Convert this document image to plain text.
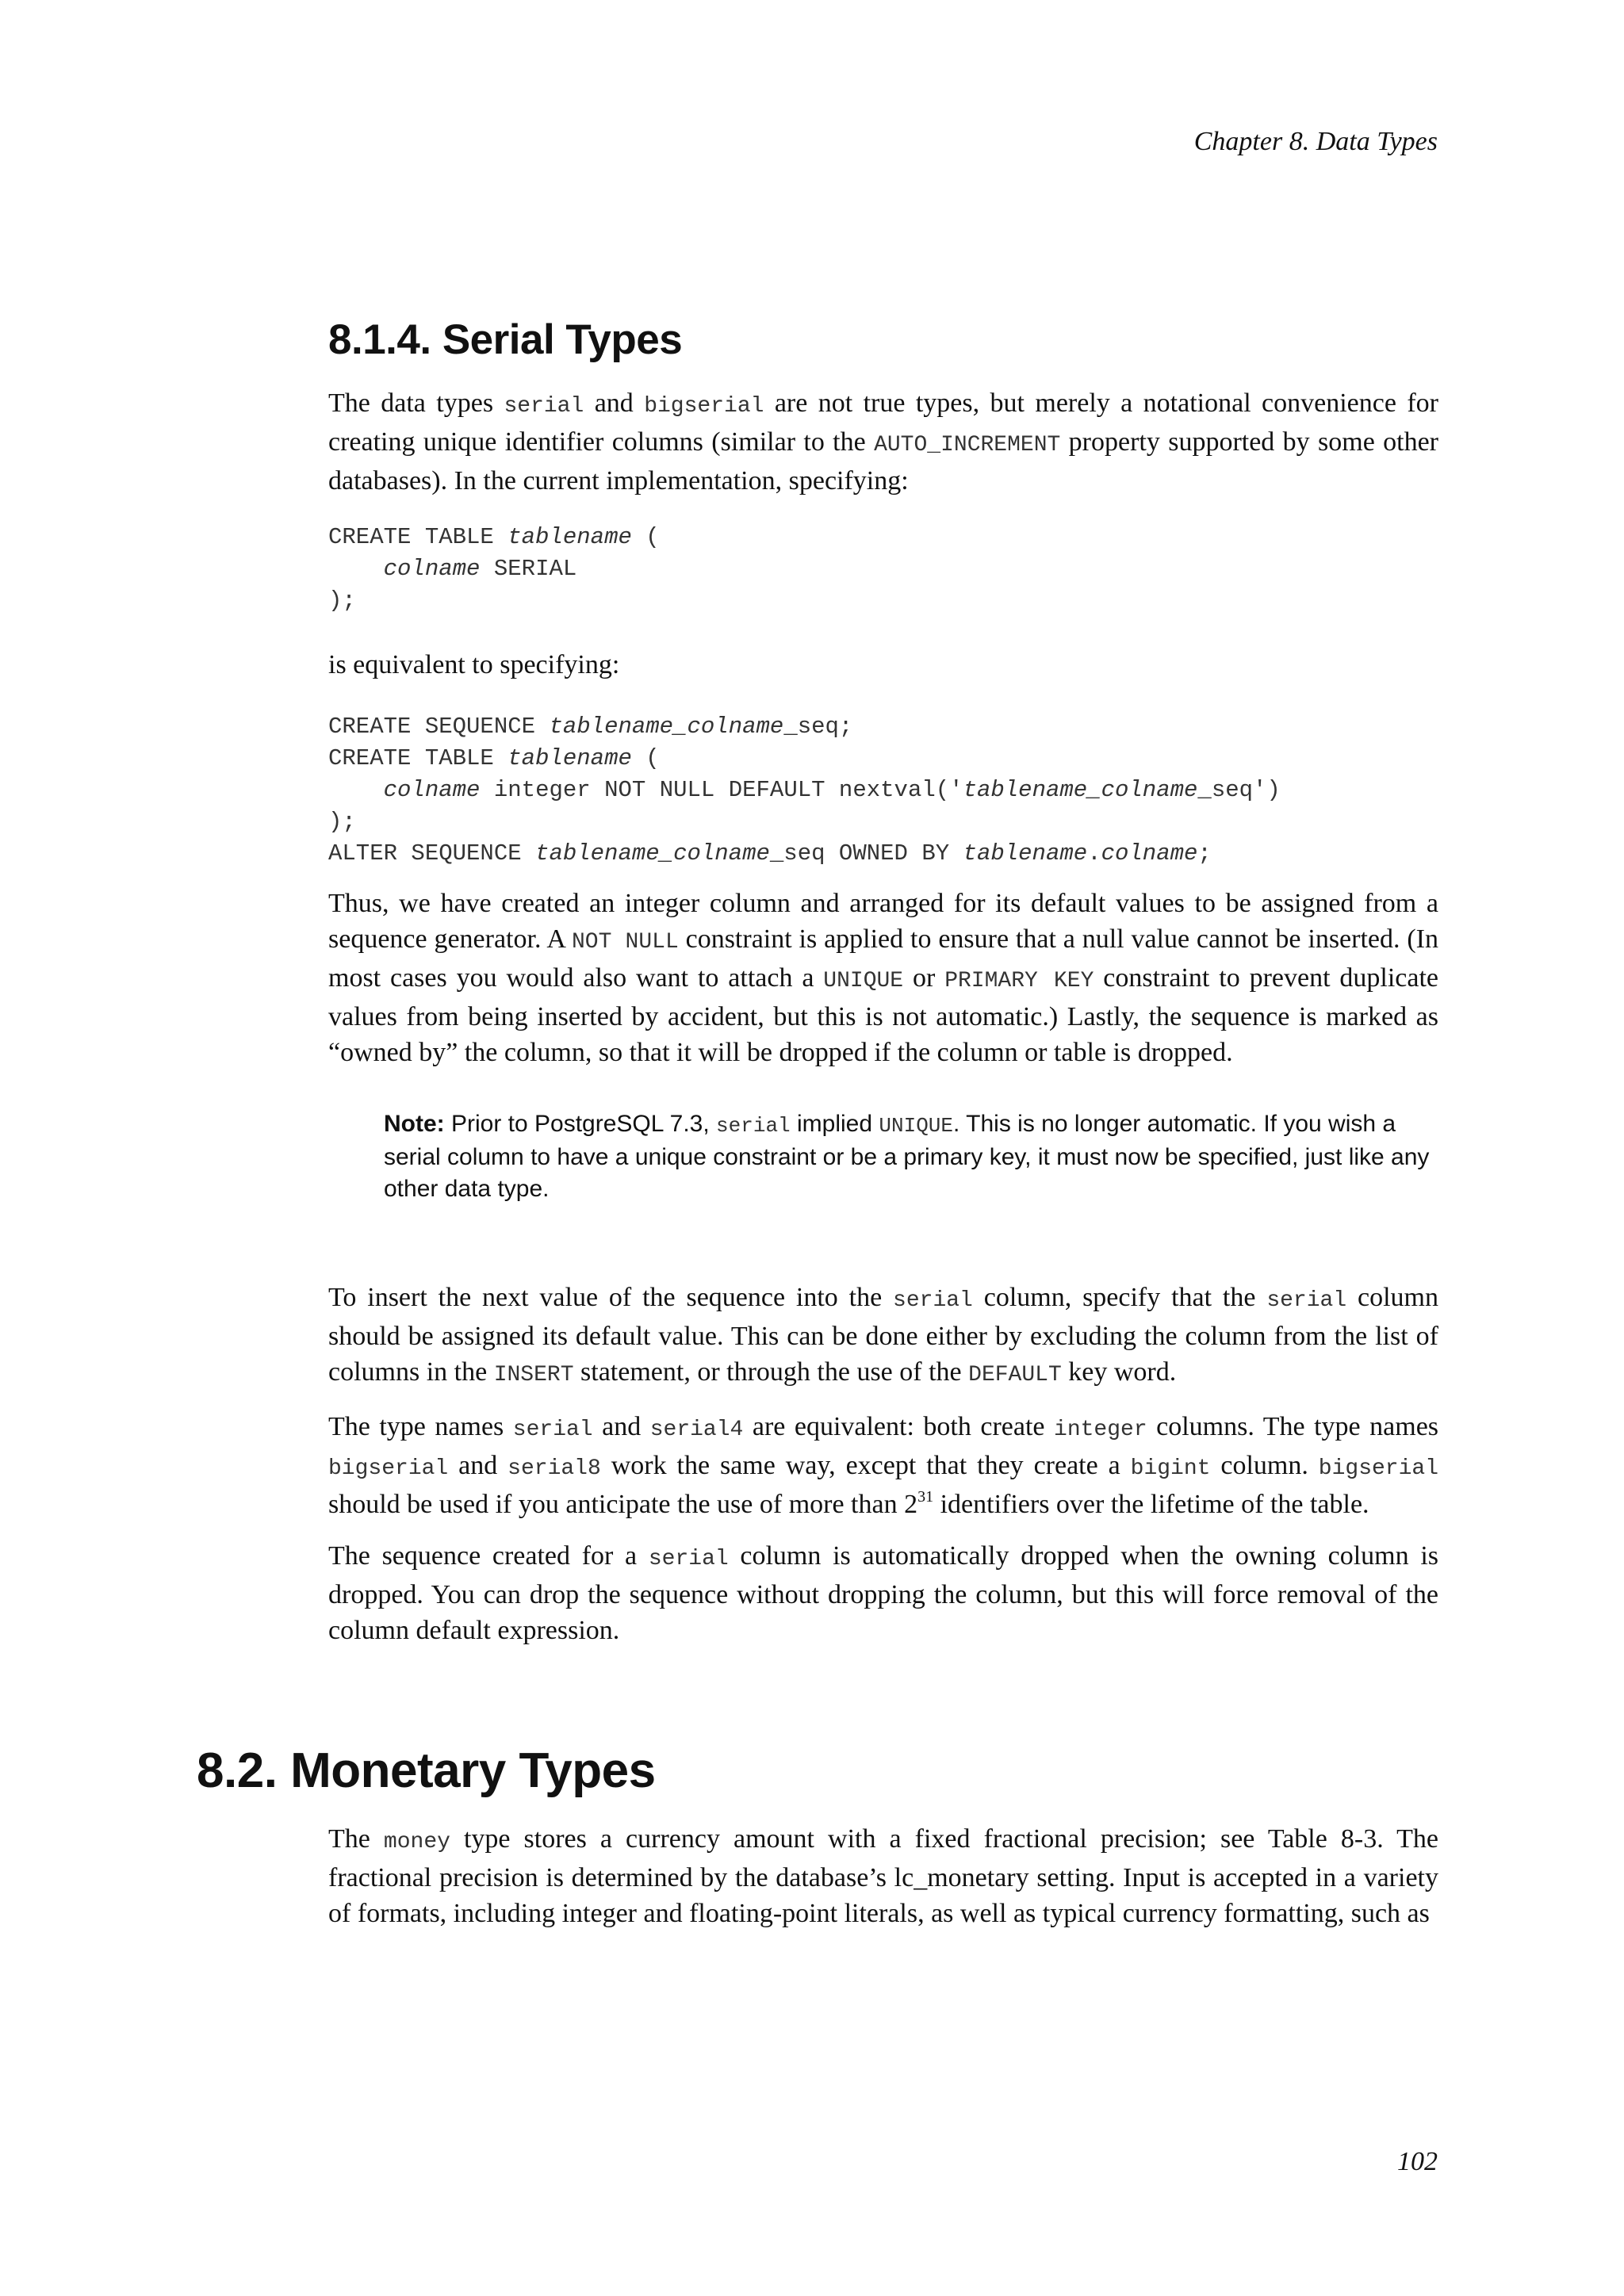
Chapter 8. Data Types
8.1.4. Serial Types

The data types serial and bigserial are not true types, but merely a notational convenience for creating unique identifier columns (similar to the AUTO_INCREMENT property supported by some other databases). In the current implementation, specifying:

CREATE TABLE tablename (
colname SERIAL
);

is equivalent to specifying:

CREATE SEQUENCE tablename_colname_seq;
CREATE TABLE tablename (
colname integer NOT NULL DEFAULT nextval('tablename_colname_seq')
);
ALTER SEQUENCE tablename_colname_seq OWNED BY tablename.colname;

Thus, we have created an integer column and arranged for its default values to be assigned from a sequence generator. A NOT NULL constraint is applied to ensure that a null value cannot be inserted. (In most cases you would also want to attach a UNIQUE or PRIMARY KEY constraint to prevent duplicate values from being inserted by accident, but this is not automatic.) Lastly, the sequence is marked as “owned by” the column, so that it will be dropped if the column or table is dropped.

Note: Prior to PostgreSQL 7.3, serial implied UNIQUE. This is no longer automatic. If you wish a serial column to have a unique constraint or be a primary key, it must now be specified, just like any other data type.

To insert the next value of the sequence into the serial column, specify that the serial column should be assigned its default value. This can be done either by excluding the column from the list of columns in the INSERT statement, or through the use of the DEFAULT key word.

The type names serial and serial4 are equivalent: both create integer columns. The type names bigserial and serial8 work the same way, except that they create a bigint column. bigserial should be used if you anticipate the use of more than $2^{31}$ identifiers over the lifetime of the table.

The sequence created for a serial column is automatically dropped when the owning column is dropped. You can drop the sequence without dropping the column, but this will force removal of the column default expression.

8.2. Monetary Types

The money type stores a currency amount with a fixed fractional precision; see Table 8-3. The fractional precision is determined by the database’s lc_monetary setting. Input is accepted in a variety of formats, including integer and floating-point literals, as well as typical currency formatting, such as

102
